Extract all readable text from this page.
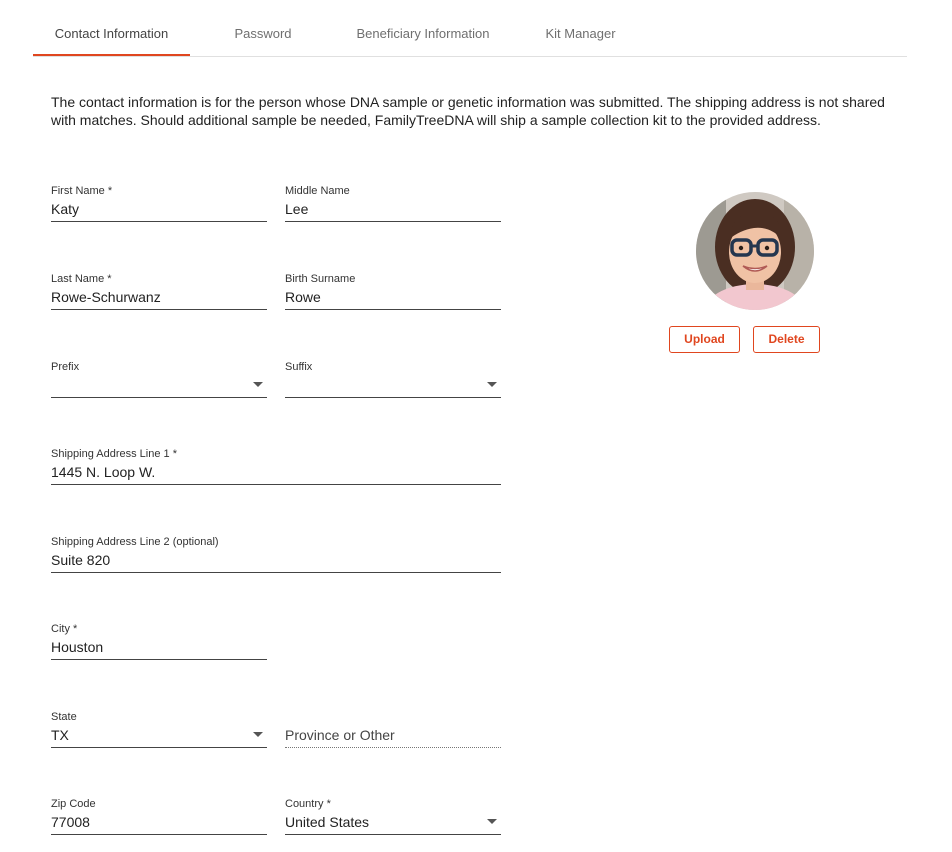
Contact Information	Password	Beneficiary Information	Kit Manager

The contact information is for the person whose DNA sample or genetic information was submitted. The shipping address is not shared with matches. Should additional sample be needed, FamilyTreeDNA will ship a sample collection kit to the provided address.

First Name *
Katy
Middle Name
Lee
Last Name *
Rowe-Schurwanz
Birth Surname
Rowe
Prefix	Suffix
Shipping Address Line 1 *
1445 N. Loop W.
Shipping Address Line 2 (optional)
Suite 820
City *
Houston
State
TX	Province or Other
Zip Code
77008
Country *
United States
Upload	Delete
